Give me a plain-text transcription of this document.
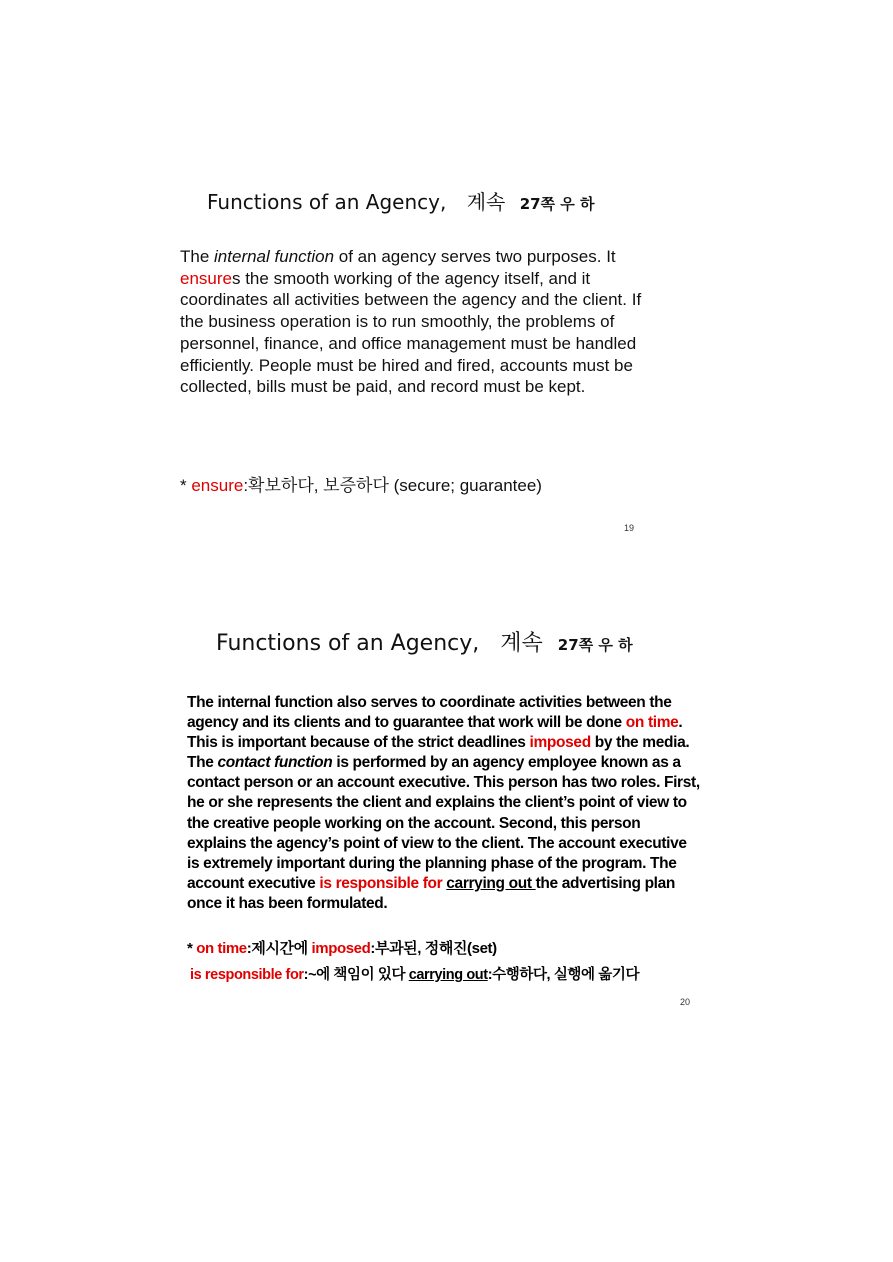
Functions of an Agency, 계속 27쪽 우 하
The internal function of an agency serves two purposes. It ensures the smooth working of the agency itself, and it coordinates all activities between the agency and the client. If the business operation is to run smoothly, the problems of personnel, finance, and office management must be handled efficiently. People must be hired and fired, accounts must be collected, bills must be paid, and record must be kept.
* ensure:확보하다, 보증하다 (secure; guarantee)
19
Functions of an Agency, 계속 27쪽 우 하
The internal function also serves to coordinate activities between the agency and its clients and to guarantee that work will be done on time. This is important because of the strict deadlines imposed by the media. The contact function is performed by an agency employee known as a contact person or an account executive. This person has two roles. First, he or she represents the client and explains the client’s point of view to the creative people working on the account. Second, this person explains the agency’s point of view to the client. The account executive is extremely important during the planning phase of the program. The account executive is responsible for carrying out the advertising plan once it has been formulated.
* on time:제시간에 imposed:부과된, 정해진(set)
is responsible for:~에 책임이 있다 carrying out:수행하다, 실행에 옮기다
20
